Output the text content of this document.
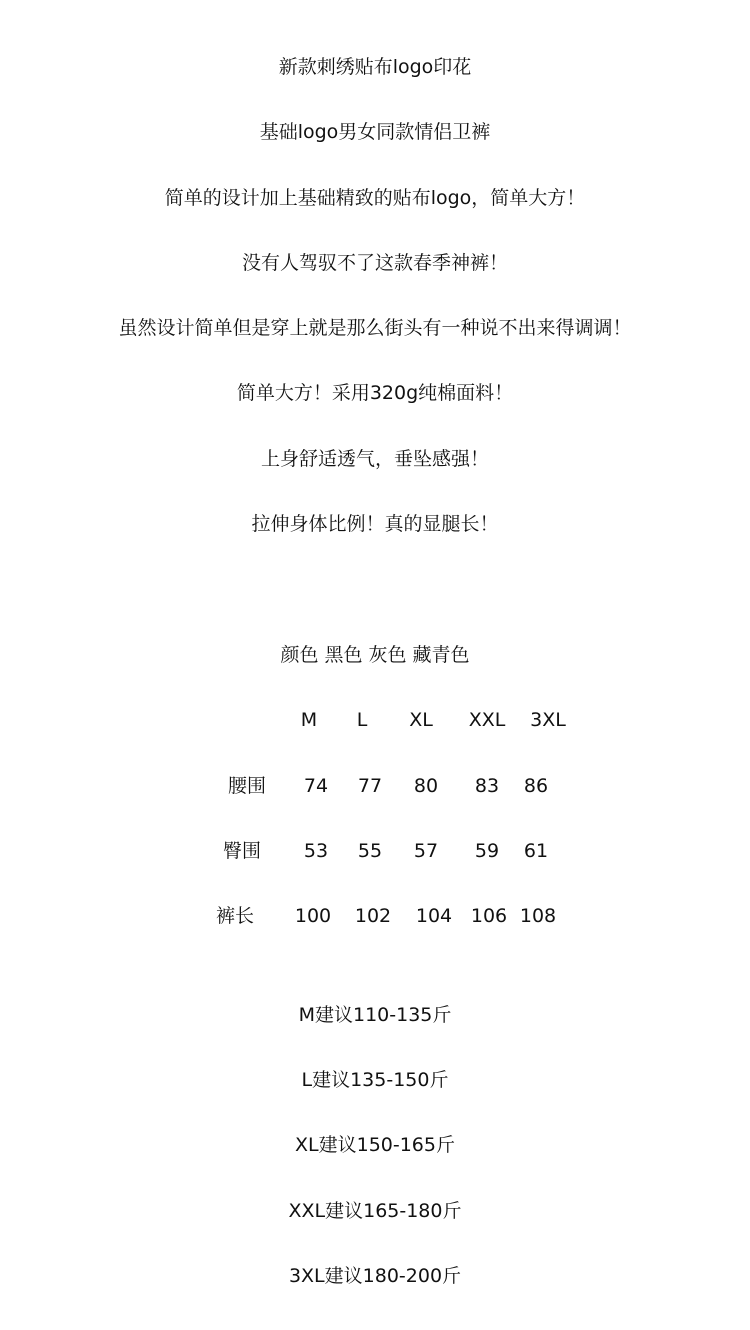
新款刺绣贴布logo印花
基础logo男女同款情侣卫裤
简单的设计加上基础精致的贴布logo，简单大方！
没有人驾驭不了这款春季神裤！
虽然设计简单但是穿上就是那么街头有一种说不出来得调调！
简单大方！采用320g纯棉面料！
上身舒适透气，垂坠感强！
拉伸身体比例！真的显腿长！
颜色 黑色 灰色 藏青色
M L XL XXL 3XL
腰围 74 77 80 83 86
臀围 53 55 57 59 61
裤长 100 102 104 106 108
M建议110-135斤
L建议135-150斤
XL建议150-165斤
XXL建议165-180斤
3XL建议180-200斤
